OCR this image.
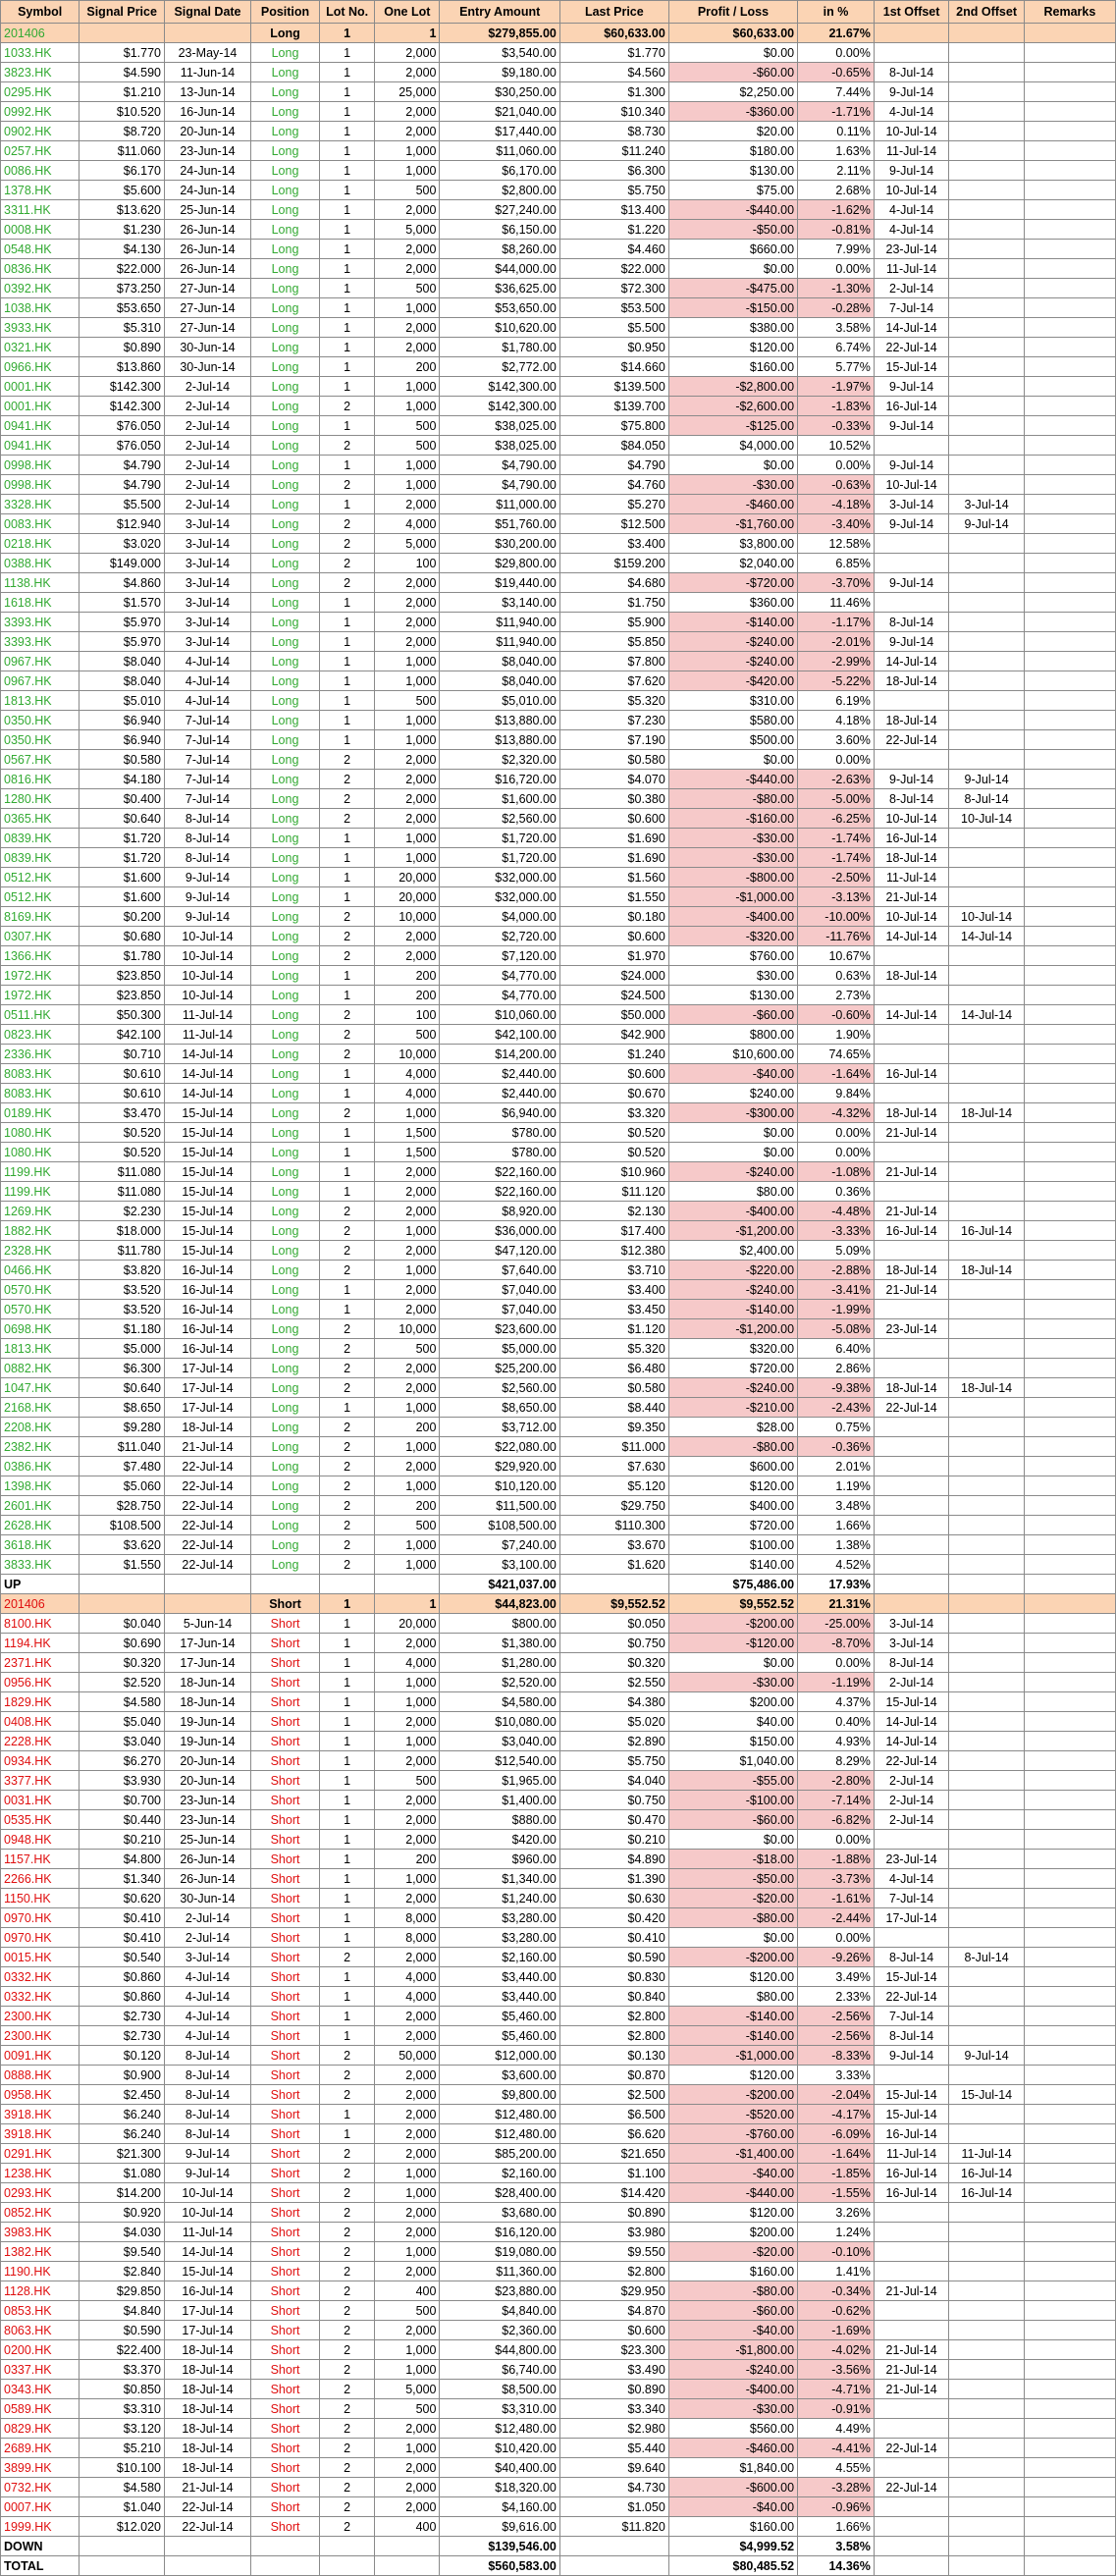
Symbol	Signal Price	Signal Date	Position	Lot No.	One Lot	Entry Amount	Last Price	Profit / Loss	in %	1st Offset	2nd Offset	Remarks
201406			Long	1	1	$279,855.00	$60,633.00	$60,633.00	21.67%			
1033.HK	$1.770	23-May-14	Long	1	2,000	$3,540.00	$1.770	$0.00	0.00%			
3823.HK	$4.590	11-Jun-14	Long	1	2,000	$9,180.00	$4.560	-$60.00	-0.65%	8-Jul-14		
0295.HK	$1.210	13-Jun-14	Long	1	25,000	$30,250.00	$1.300	$2,250.00	7.44%	9-Jul-14		
0992.HK	$10.520	16-Jun-14	Long	1	2,000	$21,040.00	$10.340	-$360.00	-1.71%	4-Jul-14		
0902.HK	$8.720	20-Jun-14	Long	1	2,000	$17,440.00	$8.730	$20.00	0.11%	10-Jul-14		
0257.HK	$11.060	23-Jun-14	Long	1	1,000	$11,060.00	$11.240	$180.00	1.63%	11-Jul-14		
0086.HK	$6.170	24-Jun-14	Long	1	1,000	$6,170.00	$6.300	$130.00	2.11%	9-Jul-14		
1378.HK	$5.600	24-Jun-14	Long	1	500	$2,800.00	$5.750	$75.00	2.68%	10-Jul-14		
3311.HK	$13.620	25-Jun-14	Long	1	2,000	$27,240.00	$13.400	-$440.00	-1.62%	4-Jul-14		
0008.HK	$1.230	26-Jun-14	Long	1	5,000	$6,150.00	$1.220	-$50.00	-0.81%	4-Jul-14		
0548.HK	$4.130	26-Jun-14	Long	1	2,000	$8,260.00	$4.460	$660.00	7.99%	23-Jul-14		
0836.HK	$22.000	26-Jun-14	Long	1	2,000	$44,000.00	$22.000	$0.00	0.00%	11-Jul-14		
0392.HK	$73.250	27-Jun-14	Long	1	500	$36,625.00	$72.300	-$475.00	-1.30%	2-Jul-14		
1038.HK	$53.650	27-Jun-14	Long	1	1,000	$53,650.00	$53.500	-$150.00	-0.28%	7-Jul-14		
3933.HK	$5.310	27-Jun-14	Long	1	2,000	$10,620.00	$5.500	$380.00	3.58%	14-Jul-14		
0321.HK	$0.890	30-Jun-14	Long	1	2,000	$1,780.00	$0.950	$120.00	6.74%	22-Jul-14		
0966.HK	$13.860	30-Jun-14	Long	1	200	$2,772.00	$14.660	$160.00	5.77%	15-Jul-14		
0001.HK	$142.300	2-Jul-14	Long	1	1,000	$142,300.00	$139.500	-$2,800.00	-1.97%	9-Jul-14		
0001.HK	$142.300	2-Jul-14	Long	2	1,000	$142,300.00	$139.700	-$2,600.00	-1.83%	16-Jul-14		
0941.HK	$76.050	2-Jul-14	Long	1	500	$38,025.00	$75.800	-$125.00	-0.33%	9-Jul-14		
0941.HK	$76.050	2-Jul-14	Long	2	500	$38,025.00	$84.050	$4,000.00	10.52%			
0998.HK	$4.790	2-Jul-14	Long	1	1,000	$4,790.00	$4.790	$0.00	0.00%	9-Jul-14		
0998.HK	$4.790	2-Jul-14	Long	2	1,000	$4,790.00	$4.760	-$30.00	-0.63%	10-Jul-14		
3328.HK	$5.500	2-Jul-14	Long	1	2,000	$11,000.00	$5.270	-$460.00	-4.18%	3-Jul-14	3-Jul-14	
0083.HK	$12.940	3-Jul-14	Long	2	4,000	$51,760.00	$12.500	-$1,760.00	-3.40%	9-Jul-14	9-Jul-14	
0218.HK	$3.020	3-Jul-14	Long	2	5,000	$30,200.00	$3.400	$3,800.00	12.58%			
0388.HK	$149.000	3-Jul-14	Long	2	100	$29,800.00	$159.200	$2,040.00	6.85%			
1138.HK	$4.860	3-Jul-14	Long	2	2,000	$19,440.00	$4.680	-$720.00	-3.70%	9-Jul-14		
1618.HK	$1.570	3-Jul-14	Long	1	2,000	$3,140.00	$1.750	$360.00	11.46%			
3393.HK	$5.970	3-Jul-14	Long	1	2,000	$11,940.00	$5.900	-$140.00	-1.17%	8-Jul-14		
3393.HK	$5.970	3-Jul-14	Long	1	2,000	$11,940.00	$5.850	-$240.00	-2.01%	9-Jul-14		
0967.HK	$8.040	4-Jul-14	Long	1	1,000	$8,040.00	$7.800	-$240.00	-2.99%	14-Jul-14		
0967.HK	$8.040	4-Jul-14	Long	1	1,000	$8,040.00	$7.620	-$420.00	-5.22%	18-Jul-14		
1813.HK	$5.010	4-Jul-14	Long	1	500	$5,010.00	$5.320	$310.00	6.19%			
0350.HK	$6.940	7-Jul-14	Long	1	1,000	$13,880.00	$7.230	$580.00	4.18%	18-Jul-14		
0350.HK	$6.940	7-Jul-14	Long	1	1,000	$13,880.00	$7.190	$500.00	3.60%	22-Jul-14		
0567.HK	$0.580	7-Jul-14	Long	2	2,000	$2,320.00	$0.580	$0.00	0.00%			
0816.HK	$4.180	7-Jul-14	Long	2	2,000	$16,720.00	$4.070	-$440.00	-2.63%	9-Jul-14	9-Jul-14	
1280.HK	$0.400	7-Jul-14	Long	2	2,000	$1,600.00	$0.380	-$80.00	-5.00%	8-Jul-14	8-Jul-14	
0365.HK	$0.640	8-Jul-14	Long	2	2,000	$2,560.00	$0.600	-$160.00	-6.25%	10-Jul-14	10-Jul-14	
0839.HK	$1.720	8-Jul-14	Long	1	1,000	$1,720.00	$1.690	-$30.00	-1.74%	16-Jul-14		
0839.HK	$1.720	8-Jul-14	Long	1	1,000	$1,720.00	$1.690	-$30.00	-1.74%	18-Jul-14		
0512.HK	$1.600	9-Jul-14	Long	1	20,000	$32,000.00	$1.560	-$800.00	-2.50%	11-Jul-14		
0512.HK	$1.600	9-Jul-14	Long	1	20,000	$32,000.00	$1.550	-$1,000.00	-3.13%	21-Jul-14		
8169.HK	$0.200	9-Jul-14	Long	2	10,000	$4,000.00	$0.180	-$400.00	-10.00%	10-Jul-14	10-Jul-14	
0307.HK	$0.680	10-Jul-14	Long	2	2,000	$2,720.00	$0.600	-$320.00	-11.76%	14-Jul-14	14-Jul-14	
1366.HK	$1.780	10-Jul-14	Long	2	2,000	$7,120.00	$1.970	$760.00	10.67%			
1972.HK	$23.850	10-Jul-14	Long	1	200	$4,770.00	$24.000	$30.00	0.63%	18-Jul-14		
1972.HK	$23.850	10-Jul-14	Long	1	200	$4,770.00	$24.500	$130.00	2.73%			
0511.HK	$50.300	11-Jul-14	Long	2	100	$10,060.00	$50.000	-$60.00	-0.60%	14-Jul-14	14-Jul-14	
0823.HK	$42.100	11-Jul-14	Long	2	500	$42,100.00	$42.900	$800.00	1.90%			
2336.HK	$0.710	14-Jul-14	Long	2	10,000	$14,200.00	$1.240	$10,600.00	74.65%			
8083.HK	$0.610	14-Jul-14	Long	1	4,000	$2,440.00	$0.600	-$40.00	-1.64%	16-Jul-14		
8083.HK	$0.610	14-Jul-14	Long	1	4,000	$2,440.00	$0.670	$240.00	9.84%			
0189.HK	$3.470	15-Jul-14	Long	2	1,000	$6,940.00	$3.320	-$300.00	-4.32%	18-Jul-14	18-Jul-14	
1080.HK	$0.520	15-Jul-14	Long	1	1,500	$780.00	$0.520	$0.00	0.00%	21-Jul-14		
1080.HK	$0.520	15-Jul-14	Long	1	1,500	$780.00	$0.520	$0.00	0.00%			
1199.HK	$11.080	15-Jul-14	Long	1	2,000	$22,160.00	$10.960	-$240.00	-1.08%	21-Jul-14		
1199.HK	$11.080	15-Jul-14	Long	1	2,000	$22,160.00	$11.120	$80.00	0.36%			
1269.HK	$2.230	15-Jul-14	Long	2	2,000	$8,920.00	$2.130	-$400.00	-4.48%	21-Jul-14		
1882.HK	$18.000	15-Jul-14	Long	2	1,000	$36,000.00	$17.400	-$1,200.00	-3.33%	16-Jul-14	16-Jul-14	
2328.HK	$11.780	15-Jul-14	Long	2	2,000	$47,120.00	$12.380	$2,400.00	5.09%			
0466.HK	$3.820	16-Jul-14	Long	2	1,000	$7,640.00	$3.710	-$220.00	-2.88%	18-Jul-14	18-Jul-14	
0570.HK	$3.520	16-Jul-14	Long	1	2,000	$7,040.00	$3.400	-$240.00	-3.41%	21-Jul-14		
0570.HK	$3.520	16-Jul-14	Long	1	2,000	$7,040.00	$3.450	-$140.00	-1.99%			
0698.HK	$1.180	16-Jul-14	Long	2	10,000	$23,600.00	$1.120	-$1,200.00	-5.08%	23-Jul-14		
1813.HK	$5.000	16-Jul-14	Long	2	500	$5,000.00	$5.320	$320.00	6.40%			
0882.HK	$6.300	17-Jul-14	Long	2	2,000	$25,200.00	$6.480	$720.00	2.86%			
1047.HK	$0.640	17-Jul-14	Long	2	2,000	$2,560.00	$0.580	-$240.00	-9.38%	18-Jul-14	18-Jul-14	
2168.HK	$8.650	17-Jul-14	Long	1	1,000	$8,650.00	$8.440	-$210.00	-2.43%	22-Jul-14		
2208.HK	$9.280	18-Jul-14	Long	2	200	$3,712.00	$9.350	$28.00	0.75%			
2382.HK	$11.040	21-Jul-14	Long	2	1,000	$22,080.00	$11.000	-$80.00	-0.36%			
0386.HK	$7.480	22-Jul-14	Long	2	2,000	$29,920.00	$7.630	$600.00	2.01%			
1398.HK	$5.060	22-Jul-14	Long	2	1,000	$10,120.00	$5.120	$120.00	1.19%			
2601.HK	$28.750	22-Jul-14	Long	2	200	$11,500.00	$29.750	$400.00	3.48%			
2628.HK	$108.500	22-Jul-14	Long	2	500	$108,500.00	$110.300	$720.00	1.66%			
3618.HK	$3.620	22-Jul-14	Long	2	1,000	$7,240.00	$3.670	$100.00	1.38%			
3833.HK	$1.550	22-Jul-14	Long	2	1,000	$3,100.00	$1.620	$140.00	4.52%			
UP						$421,037.00		$75,486.00	17.93%			
201406			Short	1	1	$44,823.00	$9,552.52	$9,552.52	21.31%			
8100.HK	$0.040	5-Jun-14	Short	1	20,000	$800.00	$0.050	-$200.00	-25.00%	3-Jul-14		
1194.HK	$0.690	17-Jun-14	Short	1	2,000	$1,380.00	$0.750	-$120.00	-8.70%	3-Jul-14		
2371.HK	$0.320	17-Jun-14	Short	1	4,000	$1,280.00	$0.320	$0.00	0.00%	8-Jul-14		
0956.HK	$2.520	18-Jun-14	Short	1	1,000	$2,520.00	$2.550	-$30.00	-1.19%	2-Jul-14		
1829.HK	$4.580	18-Jun-14	Short	1	1,000	$4,580.00	$4.380	$200.00	4.37%	15-Jul-14		
0408.HK	$5.040	19-Jun-14	Short	1	2,000	$10,080.00	$5.020	$40.00	0.40%	14-Jul-14		
2228.HK	$3.040	19-Jun-14	Short	1	1,000	$3,040.00	$2.890	$150.00	4.93%	14-Jul-14		
0934.HK	$6.270	20-Jun-14	Short	1	2,000	$12,540.00	$5.750	$1,040.00	8.29%	22-Jul-14		
3377.HK	$3.930	20-Jun-14	Short	1	500	$1,965.00	$4.040	-$55.00	-2.80%	2-Jul-14		
0031.HK	$0.700	23-Jun-14	Short	1	2,000	$1,400.00	$0.750	-$100.00	-7.14%	2-Jul-14		
0535.HK	$0.440	23-Jun-14	Short	1	2,000	$880.00	$0.470	-$60.00	-6.82%	2-Jul-14		
0948.HK	$0.210	25-Jun-14	Short	1	2,000	$420.00	$0.210	$0.00	0.00%			
1157.HK	$4.800	26-Jun-14	Short	1	200	$960.00	$4.890	-$18.00	-1.88%	23-Jul-14		
2266.HK	$1.340	26-Jun-14	Short	1	1,000	$1,340.00	$1.390	-$50.00	-3.73%	4-Jul-14		
1150.HK	$0.620	30-Jun-14	Short	1	2,000	$1,240.00	$0.630	-$20.00	-1.61%	7-Jul-14		
0970.HK	$0.410	2-Jul-14	Short	1	8,000	$3,280.00	$0.420	-$80.00	-2.44%	17-Jul-14		
0970.HK	$0.410	2-Jul-14	Short	1	8,000	$3,280.00	$0.410	$0.00	0.00%			
0015.HK	$0.540	3-Jul-14	Short	2	2,000	$2,160.00	$0.590	-$200.00	-9.26%	8-Jul-14	8-Jul-14	
0332.HK	$0.860	4-Jul-14	Short	1	4,000	$3,440.00	$0.830	$120.00	3.49%	15-Jul-14		
0332.HK	$0.860	4-Jul-14	Short	1	4,000	$3,440.00	$0.840	$80.00	2.33%	22-Jul-14		
2300.HK	$2.730	4-Jul-14	Short	1	2,000	$5,460.00	$2.800	-$140.00	-2.56%	7-Jul-14		
2300.HK	$2.730	4-Jul-14	Short	1	2,000	$5,460.00	$2.800	-$140.00	-2.56%	8-Jul-14		
0091.HK	$0.120	8-Jul-14	Short	2	50,000	$12,000.00	$0.130	-$1,000.00	-8.33%	9-Jul-14	9-Jul-14	
0888.HK	$0.900	8-Jul-14	Short	2	2,000	$3,600.00	$0.870	$120.00	3.33%			
0958.HK	$2.450	8-Jul-14	Short	2	2,000	$9,800.00	$2.500	-$200.00	-2.04%	15-Jul-14	15-Jul-14	
3918.HK	$6.240	8-Jul-14	Short	1	2,000	$12,480.00	$6.500	-$520.00	-4.17%	15-Jul-14		
3918.HK	$6.240	8-Jul-14	Short	1	2,000	$12,480.00	$6.620	-$760.00	-6.09%	16-Jul-14		
0291.HK	$21.300	9-Jul-14	Short	2	2,000	$85,200.00	$21.650	-$1,400.00	-1.64%	11-Jul-14	11-Jul-14	
1238.HK	$1.080	9-Jul-14	Short	2	1,000	$2,160.00	$1.100	-$40.00	-1.85%	16-Jul-14	16-Jul-14	
0293.HK	$14.200	10-Jul-14	Short	2	1,000	$28,400.00	$14.420	-$440.00	-1.55%	16-Jul-14	16-Jul-14	
0852.HK	$0.920	10-Jul-14	Short	2	2,000	$3,680.00	$0.890	$120.00	3.26%			
3983.HK	$4.030	11-Jul-14	Short	2	2,000	$16,120.00	$3.980	$200.00	1.24%			
1382.HK	$9.540	14-Jul-14	Short	2	1,000	$19,080.00	$9.550	-$20.00	-0.10%			
1190.HK	$2.840	15-Jul-14	Short	2	2,000	$11,360.00	$2.800	$160.00	1.41%			
1128.HK	$29.850	16-Jul-14	Short	2	400	$23,880.00	$29.950	-$80.00	-0.34%	21-Jul-14		
0853.HK	$4.840	17-Jul-14	Short	2	500	$4,840.00	$4.870	-$60.00	-0.62%			
8063.HK	$0.590	17-Jul-14	Short	2	2,000	$2,360.00	$0.600	-$40.00	-1.69%			
0200.HK	$22.400	18-Jul-14	Short	2	1,000	$44,800.00	$23.300	-$1,800.00	-4.02%	21-Jul-14		
0337.HK	$3.370	18-Jul-14	Short	2	1,000	$6,740.00	$3.490	-$240.00	-3.56%	21-Jul-14		
0343.HK	$0.850	18-Jul-14	Short	2	5,000	$8,500.00	$0.890	-$400.00	-4.71%	21-Jul-14		
0589.HK	$3.310	18-Jul-14	Short	2	500	$3,310.00	$3.340	-$30.00	-0.91%			
0829.HK	$3.120	18-Jul-14	Short	2	2,000	$12,480.00	$2.980	$560.00	4.49%			
2689.HK	$5.210	18-Jul-14	Short	2	1,000	$10,420.00	$5.440	-$460.00	-4.41%	22-Jul-14		
3899.HK	$10.100	18-Jul-14	Short	2	2,000	$40,400.00	$9.640	$1,840.00	4.55%			
0732.HK	$4.580	21-Jul-14	Short	2	2,000	$18,320.00	$4.730	-$600.00	-3.28%	22-Jul-14		
0007.HK	$1.040	22-Jul-14	Short	2	2,000	$4,160.00	$1.050	-$40.00	-0.96%			
1999.HK	$12.020	22-Jul-14	Short	2	400	$9,616.00	$11.820	$160.00	1.66%			
DOWN						$139,546.00		$4,999.52	3.58%			
TOTAL						$560,583.00		$80,485.52	14.36%			
